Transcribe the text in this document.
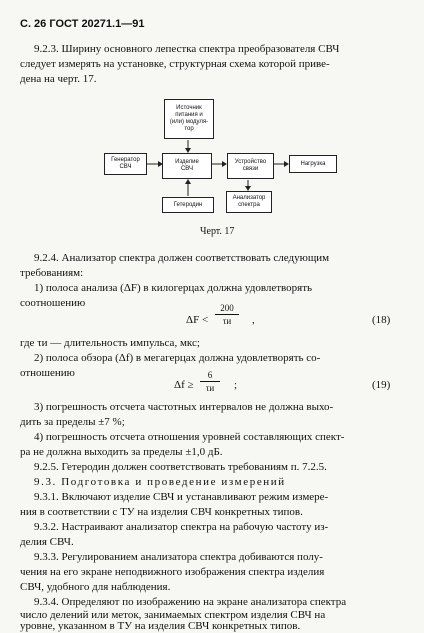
С. 26 ГОСТ 20271.1—91
9.2.3. Ширину основного лепестка спектра преобразователя СВЧ
следует измерять на установке, структурная схема которой приве-
дена на черт. 17.
Источник
питания и
(или) модуля-
тор
Генератор
СВЧ
Изделие
СВЧ
Устройство
связи
Нагрузка
Гетеродин
Анализатор
спектра
Черт. 17
9.2.4. Анализатор спектра должен соответствовать следующим
требованиям:
1) полоса анализа (ΔF) в килогерцах должна удовлетворять
соотношению
ΔF <
200
τи	,	(18)
где τи — длительность импульса, мкс;
2) полоса обзора (Δf) в мегагерцах должна удовлетворять со-
отношению
Δf ≥
6
τи	;	(19)
3) погрешность отсчета частотных интервалов не должна выхо-
дить за пределы ±7 %;
4) погрешность отсчета отношения уровней составляющих спект-
ра не должна выходить за пределы ±1,0 дБ.
9.2.5. Гетеродин должен соответствовать требованиям п. 7.2.5.
9.3. Подготовка и проведение измерений
9.3.1. Включают изделие СВЧ и устанавливают режим измере-
ния в соответствии с ТУ на изделия СВЧ конкретных типов.
9.3.2. Настраивают анализатор спектра на рабочую частоту из-
делия СВЧ.
9.3.3. Регулированием анализатора спектра добиваются полу-
чения на его экране неподвижного изображения спектра изделия
СВЧ, удобного для наблюдения.
9.3.4. Определяют по изображению на экране анализатора спектра
число делений или меток, занимаемых спектром изделия СВЧ на
уровне, указанном в ТУ на изделия СВЧ конкретных типов.
